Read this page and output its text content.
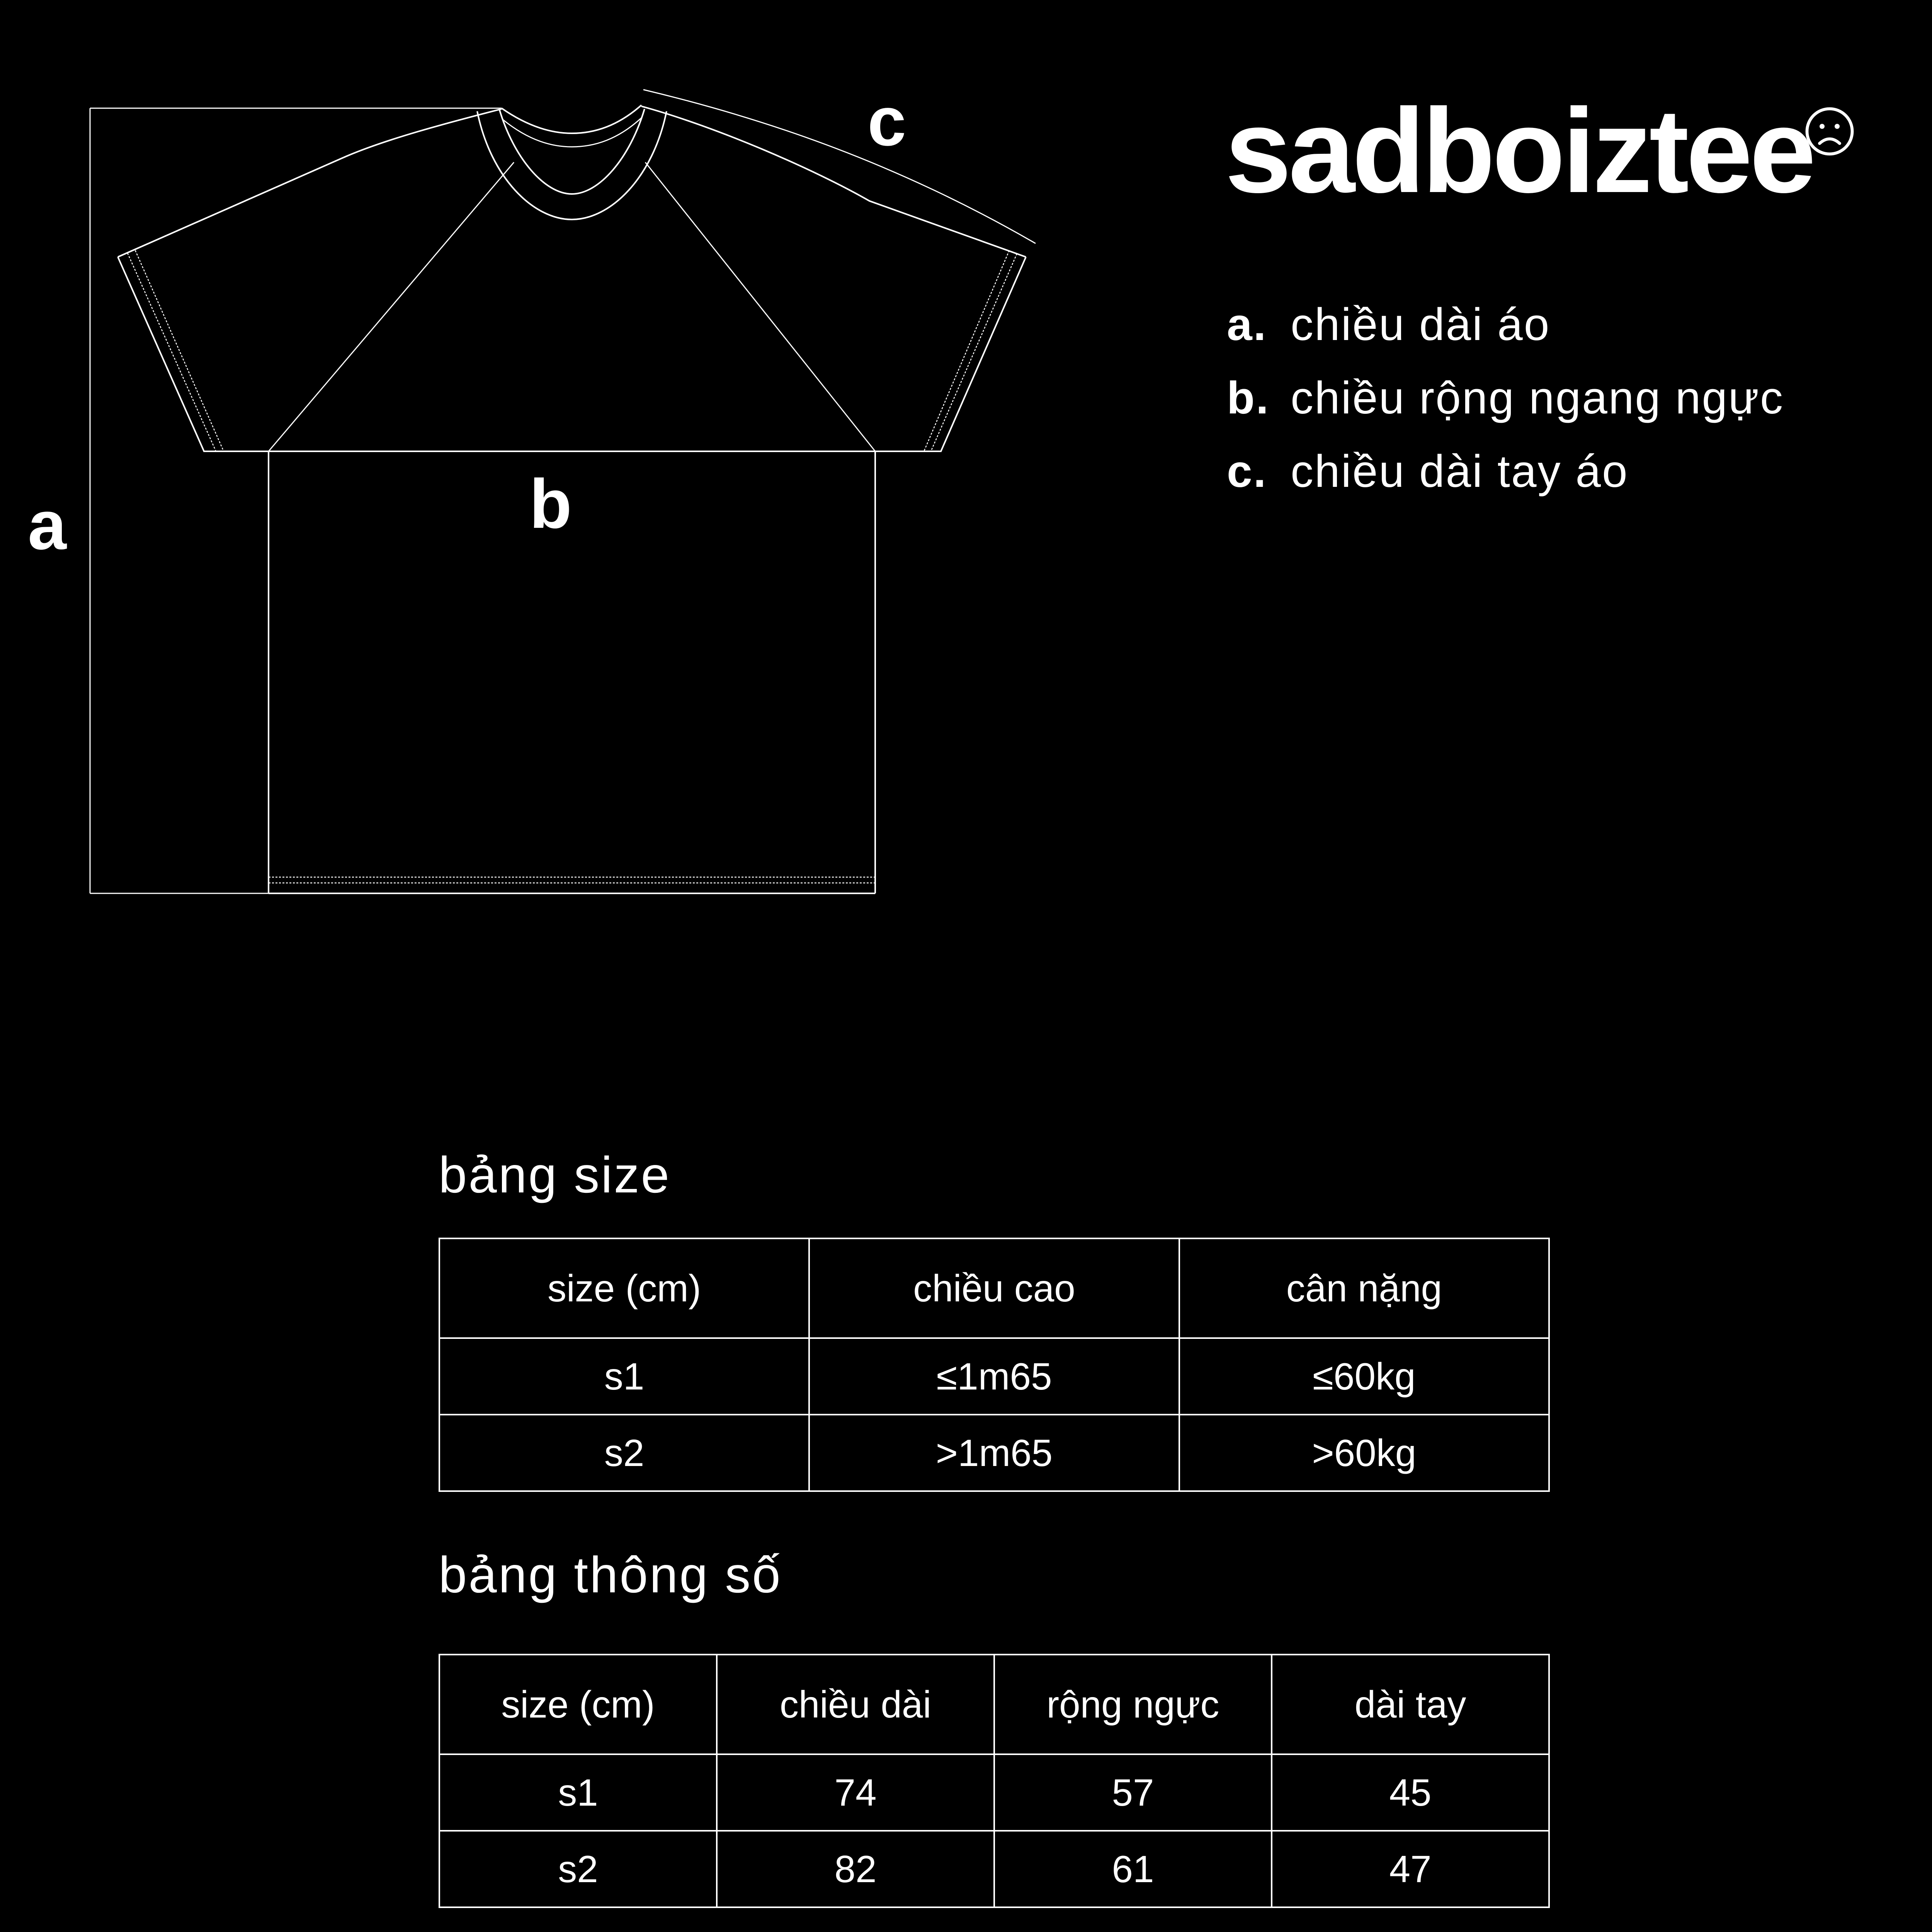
a	b
c	sadboiztee
a. chiều dài áo
b. chiều rộng ngang ngực
c. chiều dài tay áo
bảng size
size (cm)	chiều cao	cân nặng
s1	≤1m65	≤60kg
s2	>1m65	>60kg
bảng thông số
size (cm)	chiều dài	rộng ngực	dài tay
s1	74	57	45
s2	82	61	47
